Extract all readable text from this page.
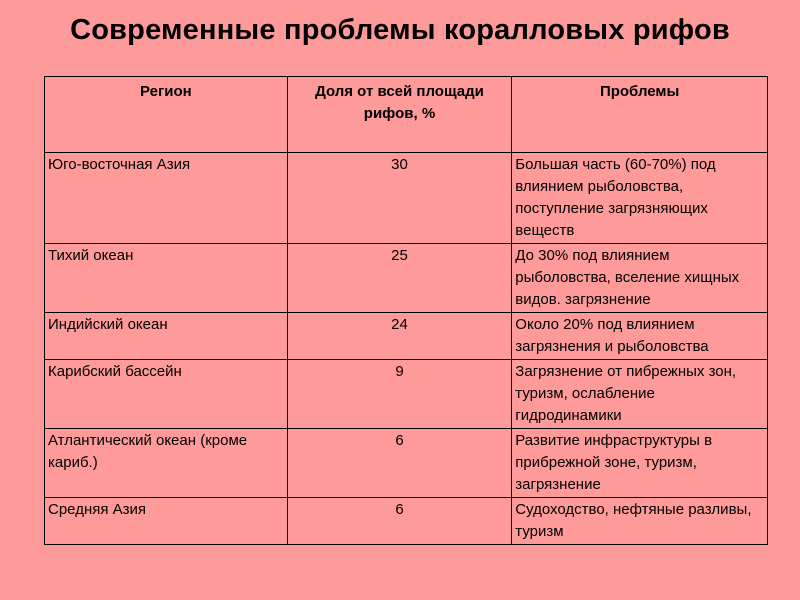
Современные проблемы коралловых рифов
Регион	Доля от всей площади рифов, %	Проблемы
Юго-восточная Азия	30	Большая часть (60-70%) под влиянием рыболовства, поступление загрязняющих веществ
Тихий океан	25	До 30% под влиянием рыболовства, вселение хищных видов. загрязнение
Индийский океан	24	Около 20% под влиянием загрязнения и рыболовства
Карибский бассейн	9	Загрязнение от пибрежных зон, туризм, ослабление гидродинамики
Атлантический океан (кроме кариб.)	6	Развитие инфраструктуры в прибрежной зоне, туризм, загрязнение
Средняя Азия	6	Судоходство, нефтяные разливы, туризм
